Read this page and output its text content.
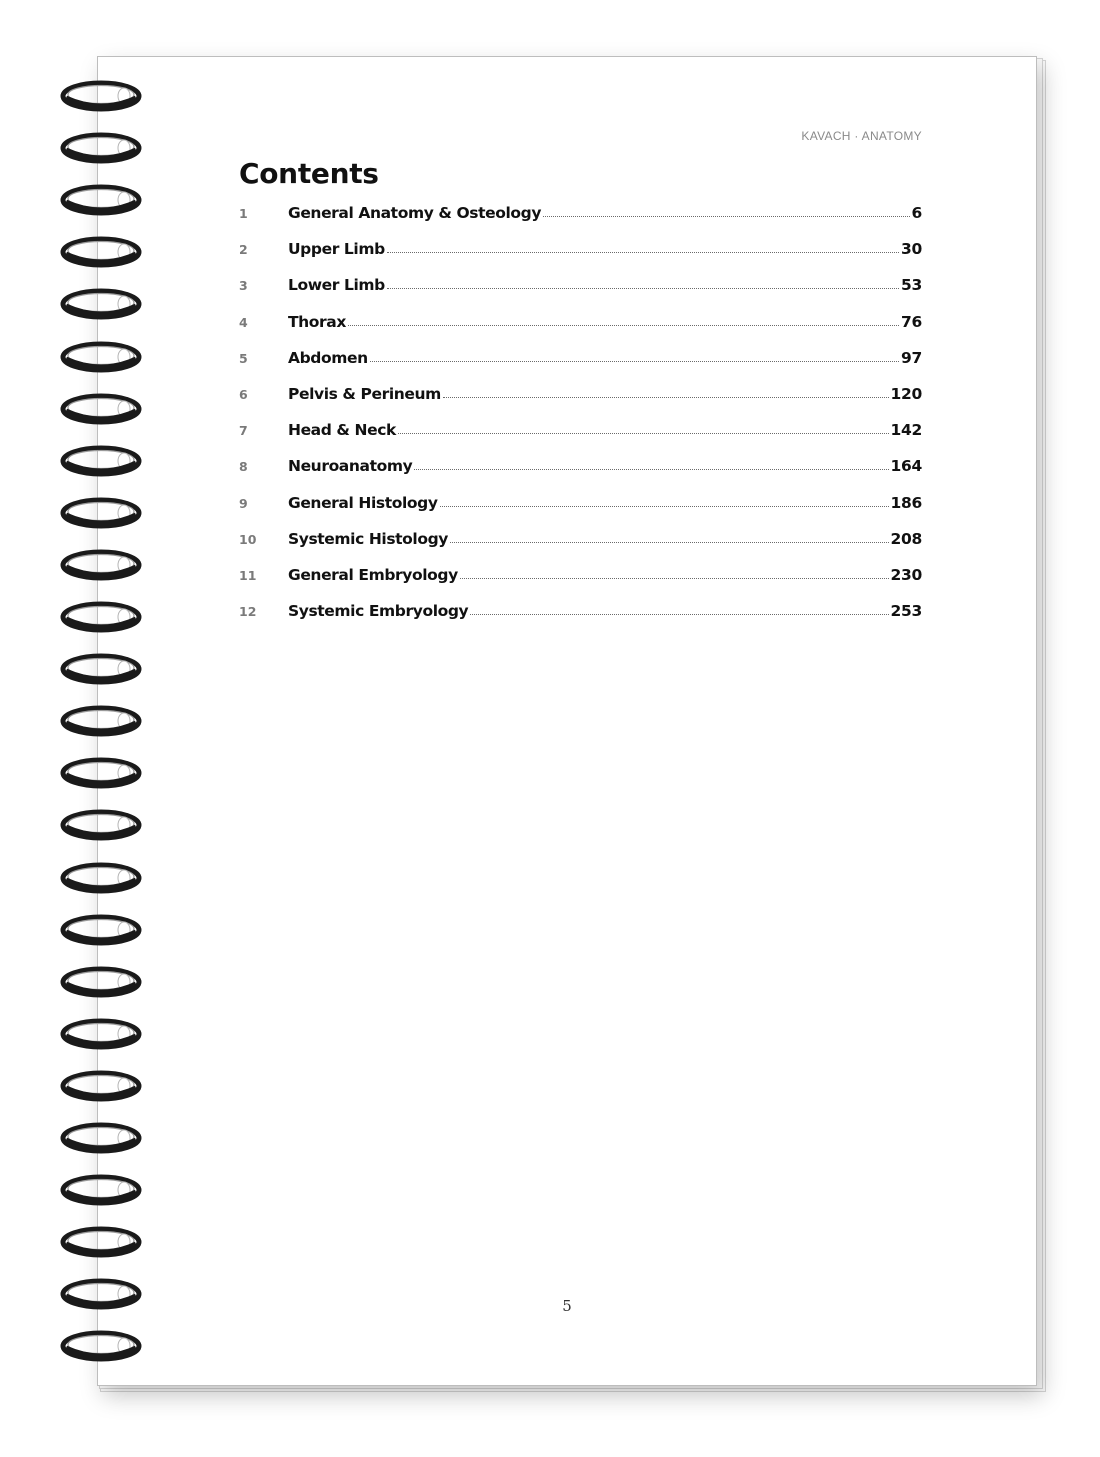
KAVACH · ANATOMY
Contents
1	General Anatomy & Osteology	6
2	Upper Limb	30
3	Lower Limb	53
4	Thorax	76
5	Abdomen	97
6	Pelvis & Perineum	120
7	Head & Neck	142
8	Neuroanatomy	164
9	General Histology	186
10	Systemic Histology	208
11	General Embryology	230
12	Systemic Embryology	253
5
